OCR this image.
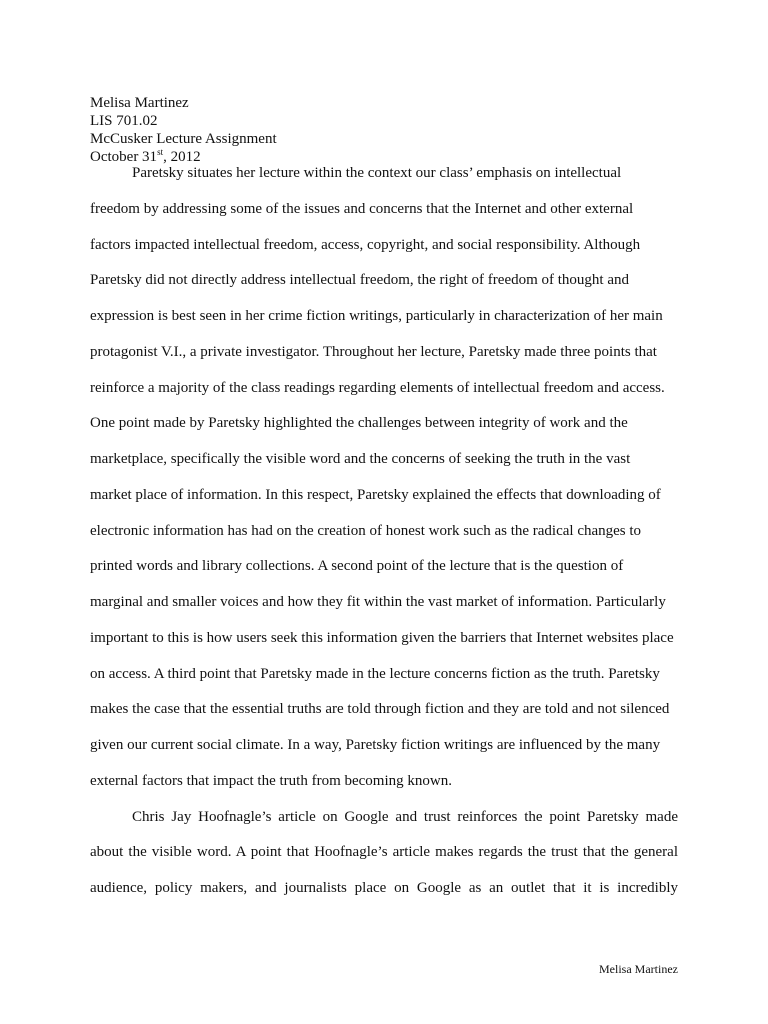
Melisa Martinez
LIS 701.02
McCusker Lecture Assignment
October 31st, 2012
Paretsky situates her lecture within the context our class’ emphasis on intellectual
freedom by addressing some of the issues and concerns that the Internet and other external
factors impacted intellectual freedom, access, copyright, and social responsibility. Although
Paretsky did not directly address intellectual freedom, the right of freedom of thought and
expression is best seen in her crime fiction writings, particularly in characterization of her main
protagonist V.I., a private investigator. Throughout her lecture, Paretsky made three points that
reinforce a majority of the class readings regarding elements of intellectual freedom and access.
One point made by Paretsky highlighted the challenges between integrity of work and the
marketplace, specifically the visible word and the concerns of seeking the truth in the vast
market place of information. In this respect, Paretsky explained the effects that downloading of
electronic information has had on the creation of honest work such as the radical changes to
printed words and library collections. A second point of the lecture that is the question of
marginal and smaller voices and how they fit within the vast market of information. Particularly
important to this is how users seek this information given the barriers that Internet websites place
on access. A third point that Paretsky made in the lecture concerns fiction as the truth. Paretsky
makes the case that the essential truths are told through fiction and they are told and not silenced
given our current social climate. In a way, Paretsky fiction writings are influenced by the many
external factors that impact the truth from becoming known.
Chris Jay Hoofnagle’s article on Google and trust reinforces the point Paretsky made
about the visible word. A point that Hoofnagle’s article makes regards the trust that the general
audience, policy makers, and journalists place on Google as an outlet that it is incredibly
Melisa Martinez
